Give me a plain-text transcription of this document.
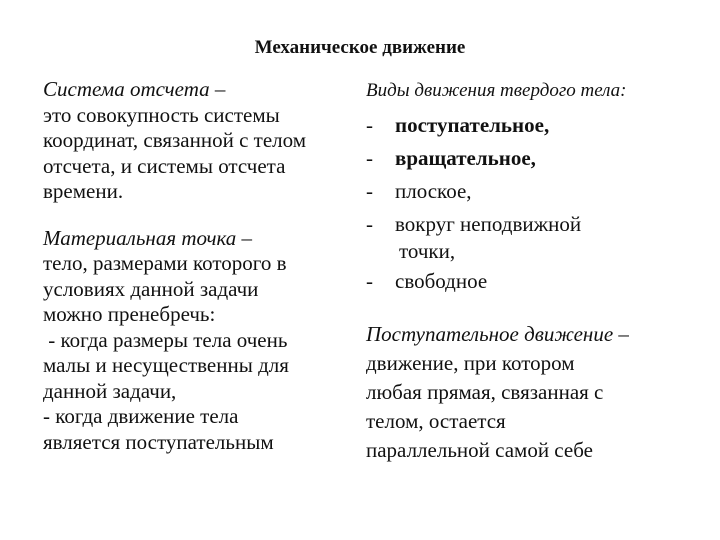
Механическое движение
Система отсчета –
это совокупность системы
координат, связанной с телом
отсчета, и системы отсчета
времени.
Материальная точка –
тело, размерами которого в
условиях данной задачи
можно пренебречь:
- когда размеры тела очень
малы и несущественны для
данной задачи,
- когда движение тела
является поступательным
Виды движения твердого тела:
-	поступательное,
-	вращательное,
-	плоское,
-	вокруг неподвижной
точки,
-	свободное
Поступательное движение –
движение, при котором
любая прямая, связанная с
телом, остается
параллельной самой себе
